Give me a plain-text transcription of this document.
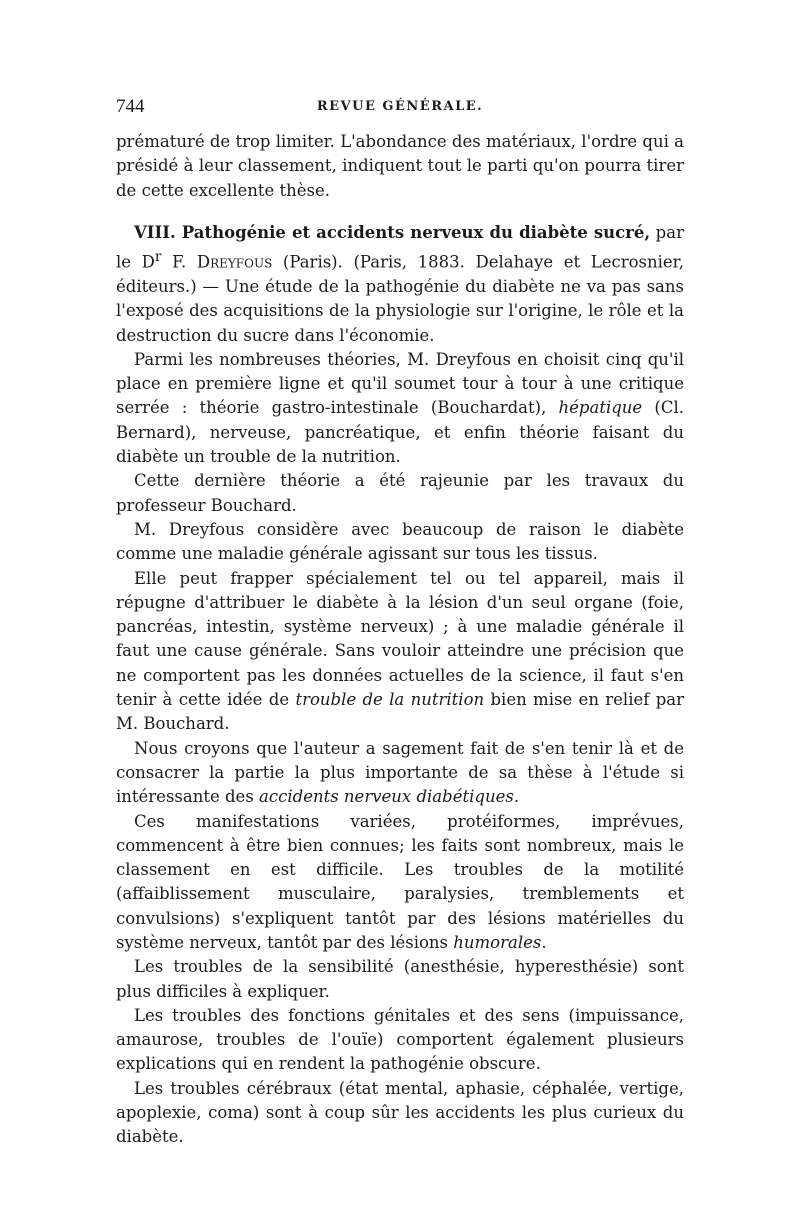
744	REVUE GÉNÉRALE.

prématuré de trop limiter. L'abondance des matériaux, l'ordre qui a présidé à leur classement, indiquent tout le parti qu'on pourra tirer de cette excellente thèse.

VIII. Pathogénie et accidents nerveux du diabète sucré, par le $D^r$ F. Dreyfous (Paris). (Paris, 1883. Delahaye et Lecrosnier, éditeurs.) — Une étude de la pathogénie du diabète ne va pas sans l'exposé des acquisitions de la physiologie sur l'origine, le rôle et la destruction du sucre dans l'économie.

Parmi les nombreuses théories, M. Dreyfous en choisit cinq qu'il place en première ligne et qu'il soumet tour à tour à une critique serrée : théorie gastro-intestinale (Bouchardat), hépatique (Cl. Bernard), nerveuse, pancréatique, et enfin théorie faisant du diabète un trouble de la nutrition.

Cette dernière théorie a été rajeunie par les travaux du professeur Bouchard.

M. Dreyfous considère avec beaucoup de raison le diabète comme une maladie générale agissant sur tous les tissus.

Elle peut frapper spécialement tel ou tel appareil, mais il répugne d'attribuer le diabète à la lésion d'un seul organe (foie, pancréas, intestin, système nerveux) ; à une maladie générale il faut une cause générale. Sans vouloir atteindre une précision que ne comportent pas les données actuelles de la science, il faut s'en tenir à cette idée de trouble de la nutrition bien mise en relief par M. Bouchard.

Nous croyons que l'auteur a sagement fait de s'en tenir là et de consacrer la partie la plus importante de sa thèse à l'étude si intéressante des accidents nerveux diabétiques.

Ces manifestations variées, protéiformes, imprévues, commencent à être bien connues; les faits sont nombreux, mais le classement en est difficile. Les troubles de la motilité (affaiblissement musculaire, paralysies, tremblements et convulsions) s'expliquent tantôt par des lésions matérielles du système nerveux, tantôt par des lésions humorales.

Les troubles de la sensibilité (anesthésie, hyperesthésie) sont plus difficiles à expliquer.

Les troubles des fonctions génitales et des sens (impuissance, amaurose, troubles de l'ouïe) comportent également plusieurs explications qui en rendent la pathogénie obscure.

Les troubles cérébraux (état mental, aphasie, céphalée, vertige, apoplexie, coma) sont à coup sûr les accidents les plus curieux du diabète.
